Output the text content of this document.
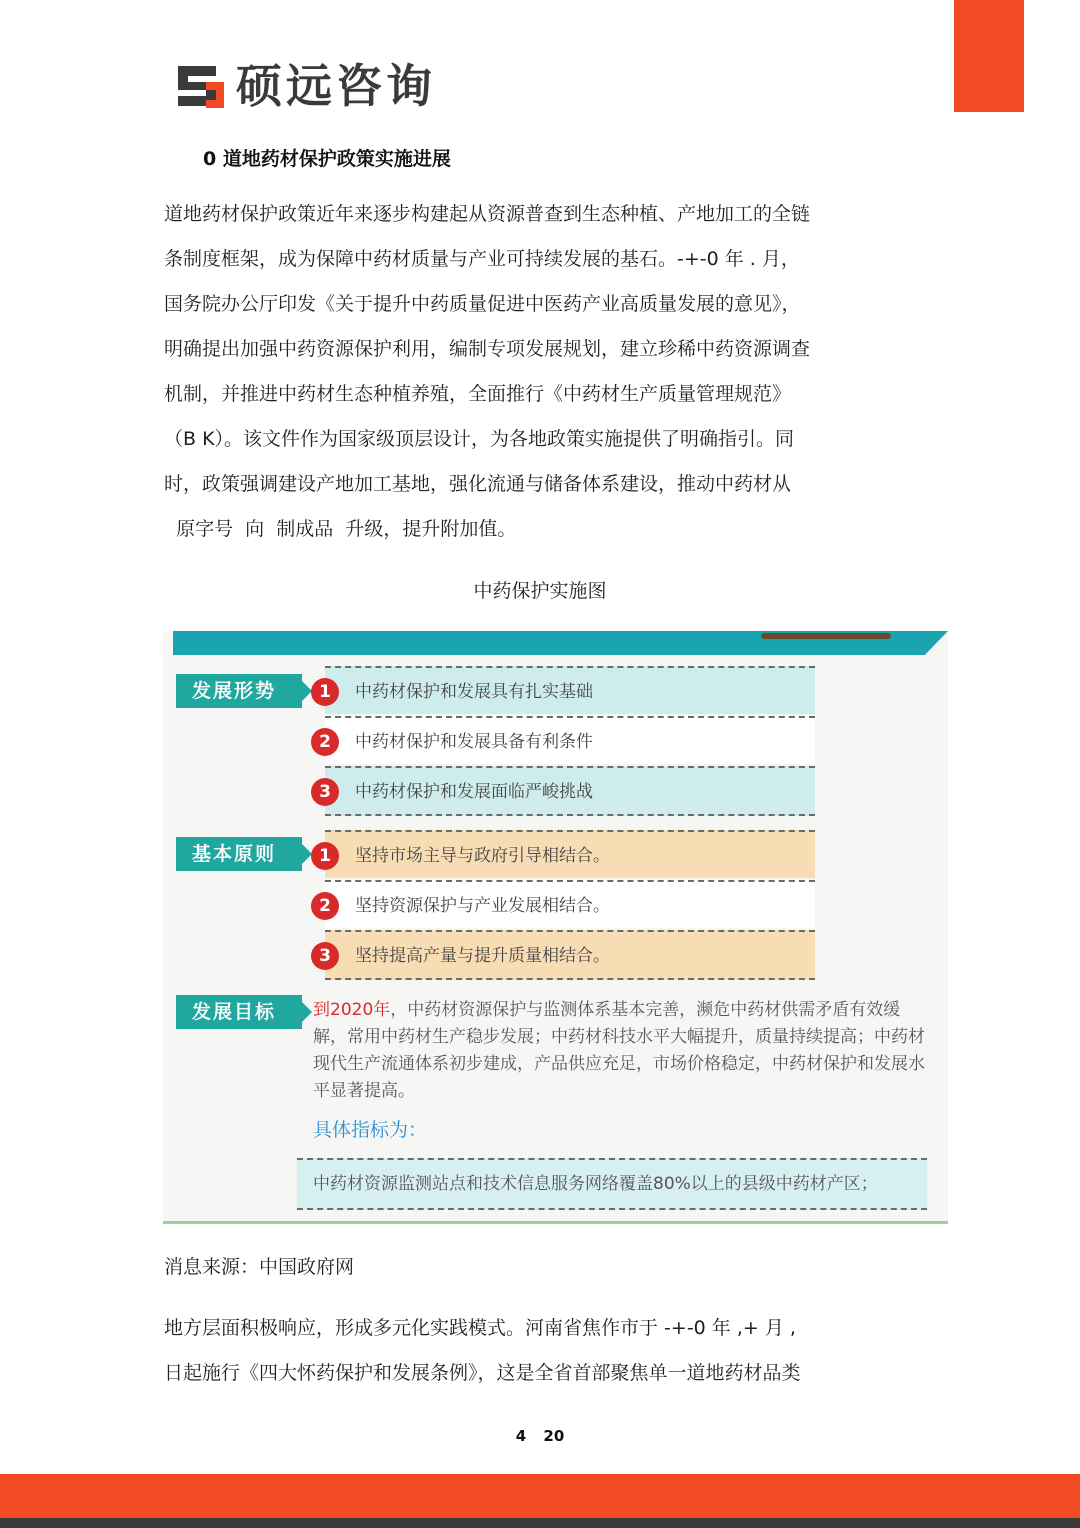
硕远咨询
0 道地药材保护政策实施进展

道地药材保护政策近年来逐步构建起从资源普查到生态种植、产地加工的全链

条制度框架，成为保障中药材质量与产业可持续发展的基石。-+-0 年 . 月，

国务院办公厅印发《关于提升中药质量促进中医药产业高质量发展的意见》，

明确提出加强中药资源保护利用，编制专项发展规划，建立珍稀中药资源调查

机制，并推进中药材生态种植养殖，全面推行《中药材生产质量管理规范》

（B K）。该文件作为国家级顶层设计，为各地政策实施提供了明确指引。同

时，政策强调建设产地加工基地，强化流通与储备体系建设，推动中药材从

原字号  向  制成品  升级，提升附加值。

中药保护实施图
发展形势	1	中药材保护和发展具有扎实基础
2	中药材保护和发展具备有利条件
3	中药材保护和发展面临严峻挑战
基本原则	1	坚持市场主导与政府引导相结合。
2	坚持资源保护与产业发展相结合。
3	坚持提高产量与提升质量相结合。
发展目标	到2020年，中药材资源保护与监测体系基本完善，濒危中药材供需矛盾有效缓解，常用中药材生产稳步发展；中药材科技水平大幅提升，质量持续提高；中药材现代生产流通体系初步建成，产品供应充足，市场价格稳定，中药材保护和发展水平显著提高。
具体指标为：
中药材资源监测站点和技术信息服务网络覆盖80%以上的县级中药材产区；
消息来源：中国政府网

地方层面积极响应，形成多元化实践模式。河南省焦作市于 -+-0 年 ,+ 月 ,

日起施行《四大怀药保护和发展条例》，这是全省首部聚焦单一道地药材品类

4 20
